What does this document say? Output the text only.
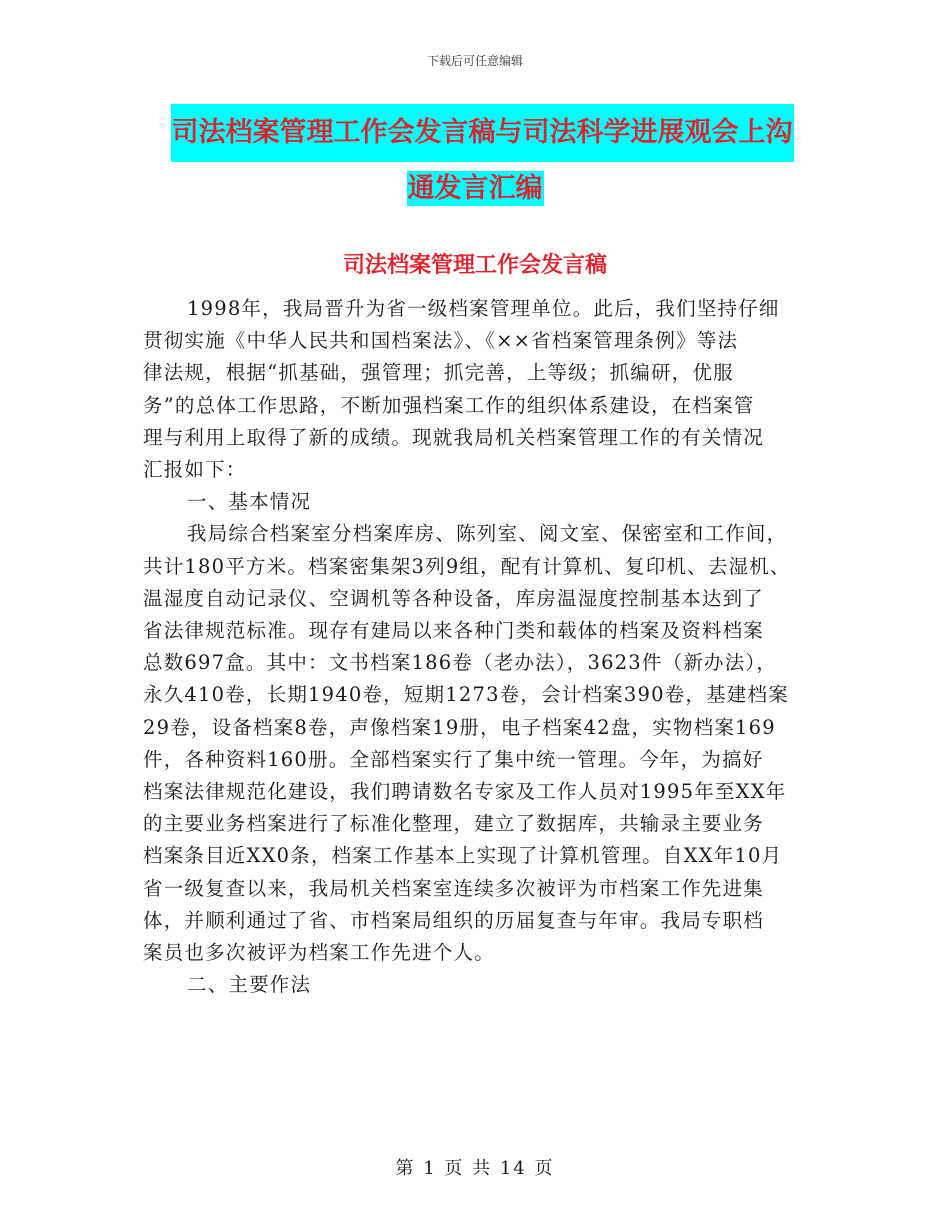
下载后可任意编辑
司法档案管理工作会发言稿与司法科学进展观会上沟
通发言汇编
司法档案管理工作会发言稿
1998年，我局晋升为省一级档案管理单位。此后，我们坚持仔细
贯彻实施《中华人民共和国档案法》、《××省档案管理条例》等法
律法规，根据“抓基础，强管理；抓完善，上等级；抓编研，优服
务”的总体工作思路，不断加强档案工作的组织体系建设，在档案管
理与利用上取得了新的成绩。现就我局机关档案管理工作的有关情况
汇报如下：
一、基本情况
我局综合档案室分档案库房、陈列室、阅文室、保密室和工作间，
共计180平方米。档案密集架3列9组，配有计算机、复印机、去湿机、
温湿度自动记录仪、空调机等各种设备，库房温湿度控制基本达到了
省法律规范标准。现存有建局以来各种门类和载体的档案及资料档案
总数697盒。其中：文书档案186卷（老办法），3623件（新办法），
永久410卷，长期1940卷，短期1273卷，会计档案390卷，基建档案
29卷，设备档案8卷，声像档案19册，电子档案42盘，实物档案169
件，各种资料160册。全部档案实行了集中统一管理。今年，为搞好
档案法律规范化建设，我们聘请数名专家及工作人员对1995年至XX年
的主要业务档案进行了标准化整理，建立了数据库，共输录主要业务
档案条目近XX0条，档案工作基本上实现了计算机管理。自XX年10月
省一级复查以来，我局机关档案室连续多次被评为市档案工作先进集
体，并顺利通过了省、市档案局组织的历届复查与年审。我局专职档
案员也多次被评为档案工作先进个人。
二、主要作法
第 1 页 共 14 页
